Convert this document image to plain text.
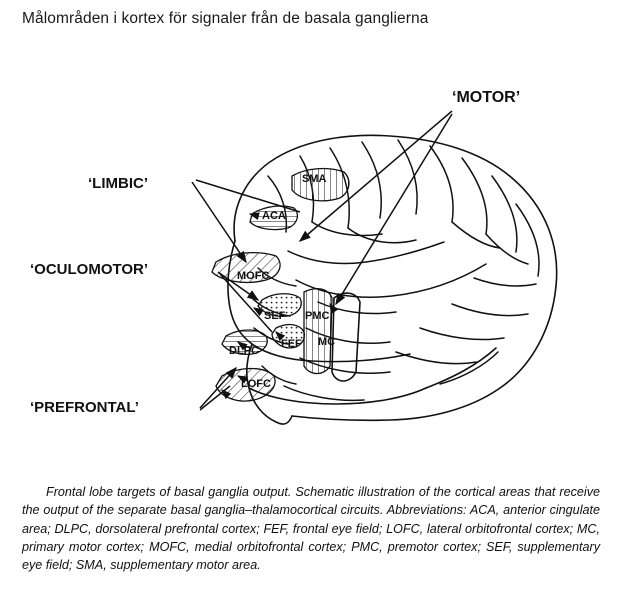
Målområden i kortex för signaler från de basala ganglierna
SMA
ACA
MOFC
SEF PMC
DLPC
FEF
LOFC
MC
‘MOTOR’
‘LIMBIC’
‘OCULOMOTOR’
‘PREFRONTAL’
Frontal lobe targets of basal ganglia output. Schematic illustration of the cortical areas that receive the output of the separate basal ganglia–thalamocortical circuits. Abbreviations: ACA, anterior cingulate area; DLPC, dorsolateral prefrontal cortex; FEF, frontal eye field; LOFC, lateral orbitofrontal cortex; MC, primary motor cortex; MOFC, medial orbitofrontal cortex; PMC, premotor cortex; SEF, supplementary eye field; SMA, supplementary motor area.
